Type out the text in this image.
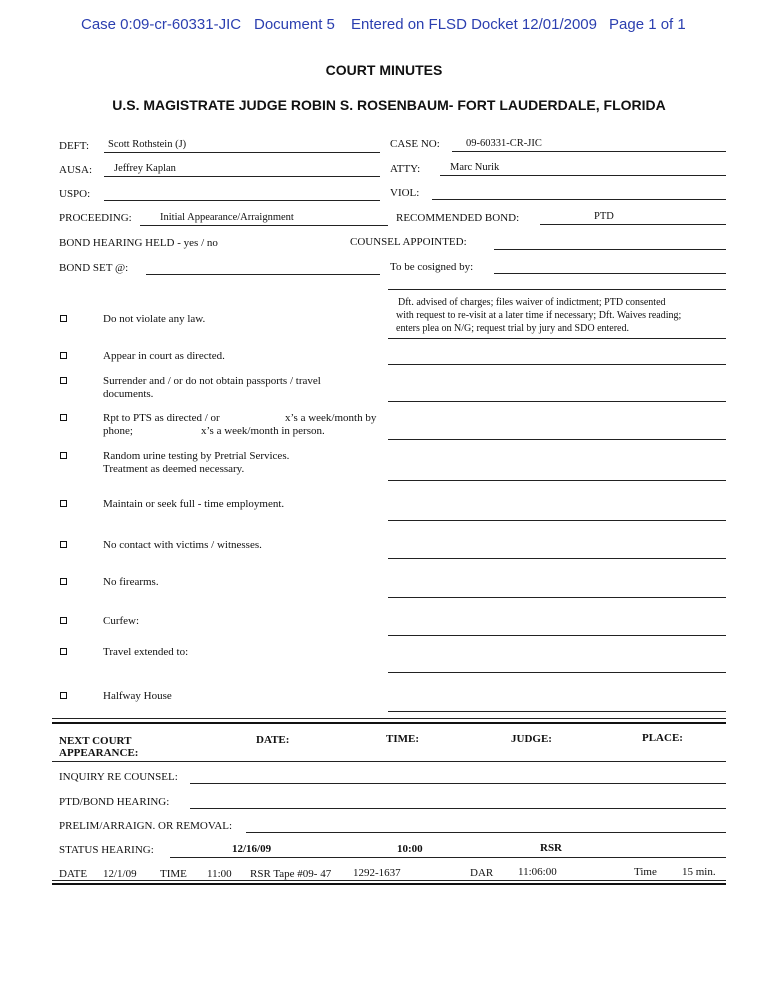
Case 0:09-cr-60331-JIC Document 5 Entered on FLSD Docket 12/01/2009 Page 1 of 1
COURT MINUTES
U.S. MAGISTRATE JUDGE ROBIN S. ROSENBAUM- FORT LAUDERDALE, FLORIDA
DEFT: Scott Rothstein (J)	CASE NO: 09-60331-CR-JIC
AUSA: Jeffrey Kaplan	ATTY:	Marc Nurik
USPO:	VIOL:
PROCEEDING:	Initial Appearance/Arraignment	RECOMMENDED BOND:	PTD
BOND HEARING HELD - yes / no	COUNSEL APPOINTED:
BOND SET @:	To be cosigned by:
Dft. advised of charges; files waiver of indictment; PTD consented
with request to re-visit at a later time if necessary; Dft. Waives reading;
enters plea on N/G; request trial by jury and SDO entered.
Do not violate any law.
Appear in court as directed.
Surrender and / or do not obtain passports / travel
documents.
Rpt to PTS as directed / or	x’s a week/month by
phone;	x’s a week/month in person.
Random urine testing by Pretrial Services.
Treatment as deemed necessary.
Maintain or seek full - time employment.
No contact with victims / witnesses.
No firearms.
Curfew:
Travel extended to:
Halfway House
NEXT COURT
APPEARANCE:
DATE:	TIME:	JUDGE:	PLACE:
INQUIRY RE COUNSEL:
PTD/BOND HEARING:
PRELIM/ARRAIGN. OR REMOVAL:
STATUS HEARING:	12/16/09	10:00	RSR
DATE 12/1/09 TIME 11:00 RSR Tape #09- 47 1292-1637	DAR 11:06:00	Time 15 min.
